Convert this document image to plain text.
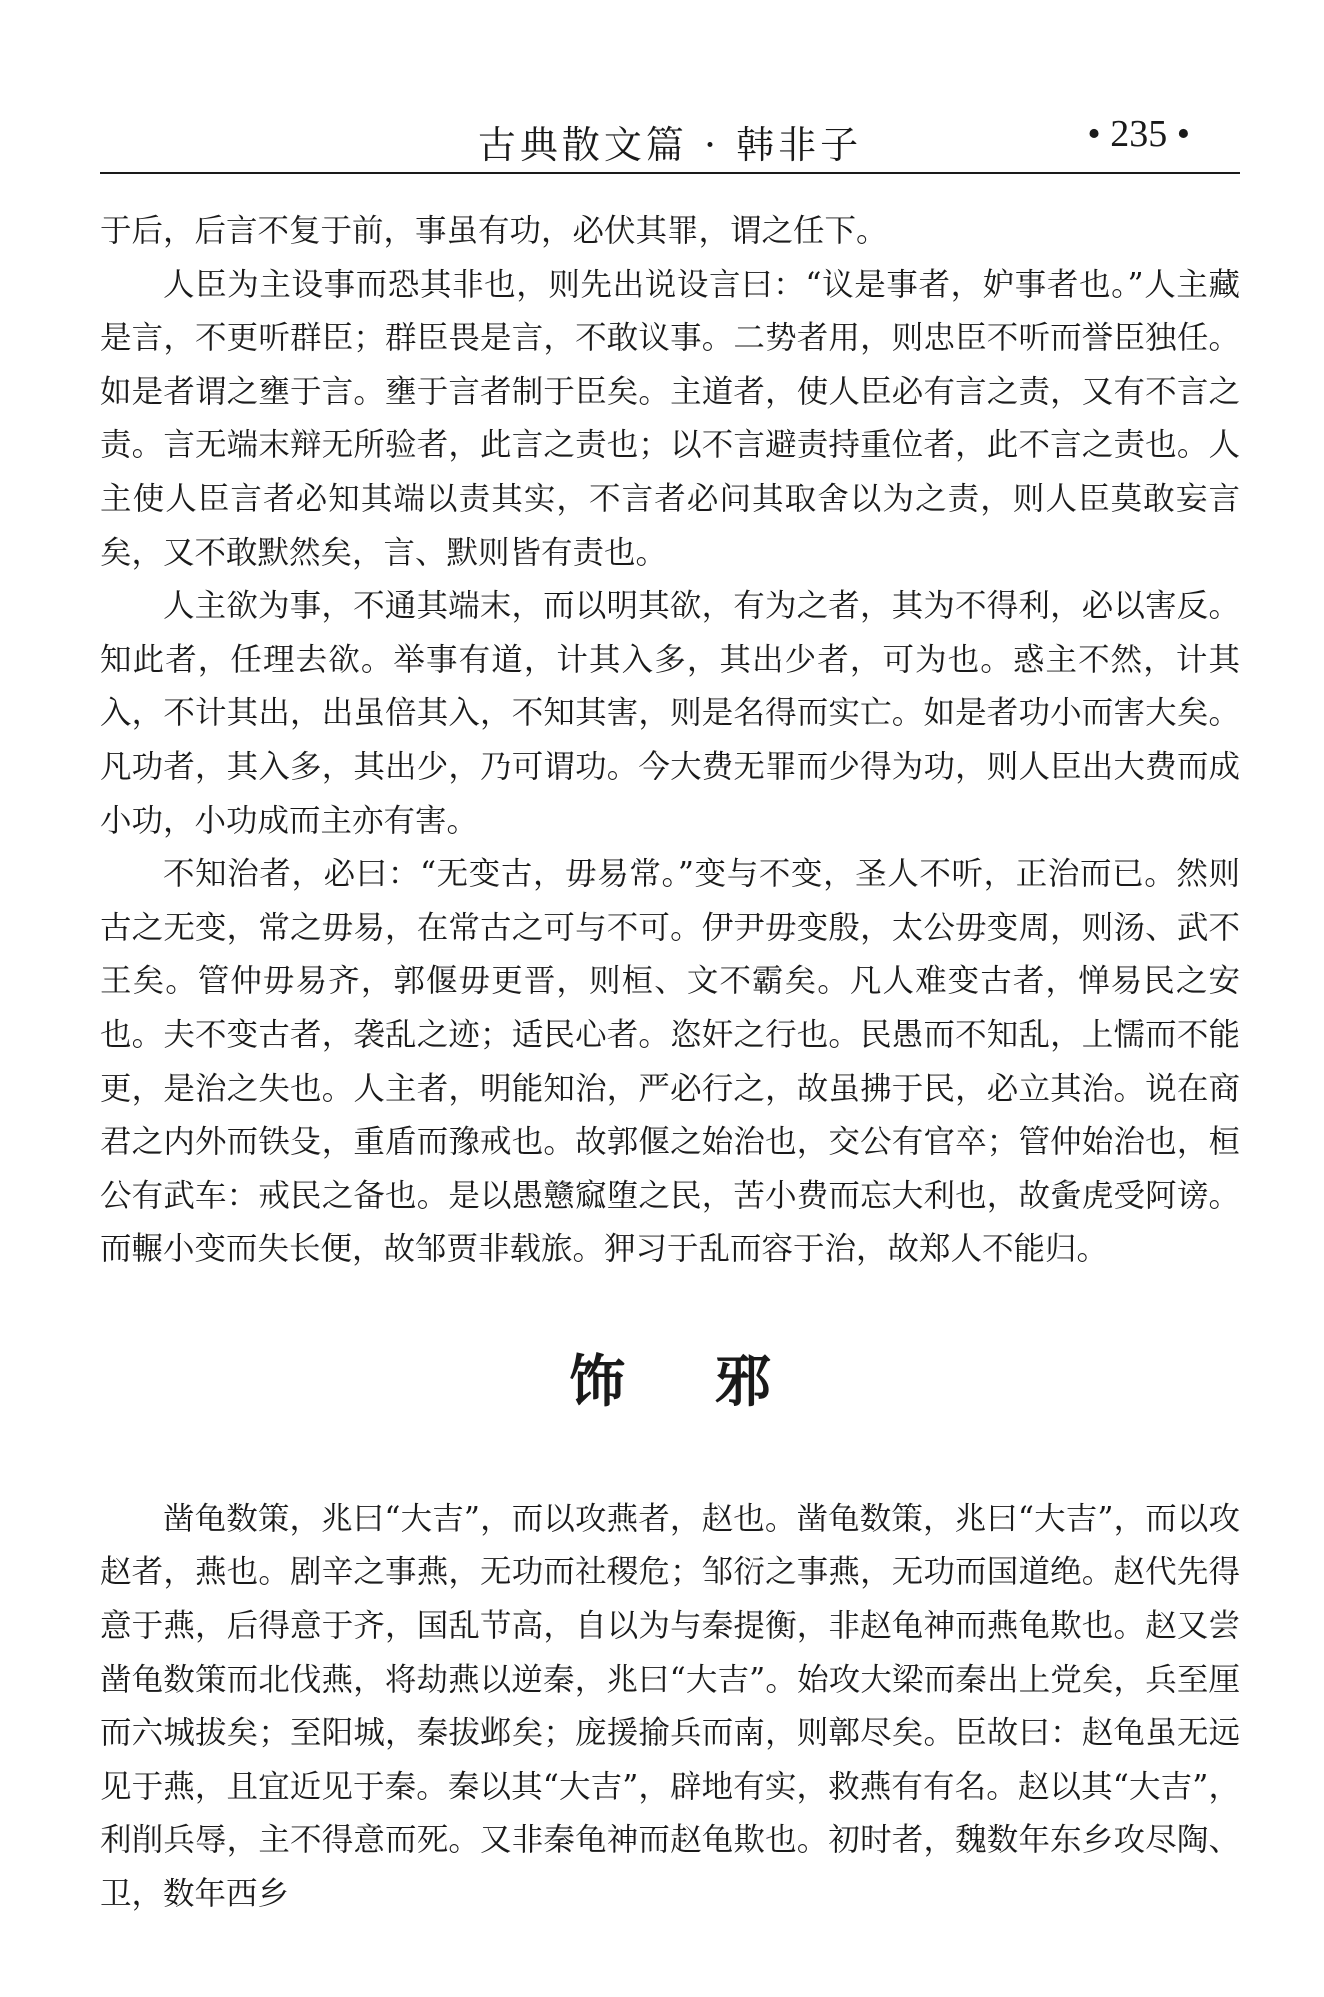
古典散文篇 · 韩非子	• 235 •

于后，后言不复于前，事虽有功，必伏其罪，谓之任下。

人臣为主设事而恐其非也，则先出说设言曰：“议是事者，妒事者也。”人主藏是言，不更听群臣；群臣畏是言，不敢议事。二势者用，则忠臣不听而誉臣独任。如是者谓之壅于言。壅于言者制于臣矣。主道者，使人臣必有言之责，又有不言之责。言无端末辩无所验者，此言之责也；以不言避责持重位者，此不言之责也。人主使人臣言者必知其端以责其实，不言者必问其取舍以为之责，则人臣莫敢妄言矣，又不敢默然矣，言、默则皆有责也。

人主欲为事，不通其端末，而以明其欲，有为之者，其为不得利，必以害反。知此者，任理去欲。举事有道，计其入多，其出少者，可为也。惑主不然，计其入，不计其出，出虽倍其入，不知其害，则是名得而实亡。如是者功小而害大矣。凡功者，其入多，其出少，乃可谓功。今大费无罪而少得为功，则人臣出大费而成小功，小功成而主亦有害。

不知治者，必曰：“无变古，毋易常。”变与不变，圣人不听，正治而已。然则古之无变，常之毋易，在常古之可与不可。伊尹毋变殷，太公毋变周，则汤、武不王矣。管仲毋易齐，郭偃毋更晋，则桓、文不霸矣。凡人难变古者，惮易民之安也。夫不变古者，袭乱之迹；适民心者。恣奸之行也。民愚而不知乱，上懦而不能更，是治之失也。人主者，明能知治，严必行之，故虽拂于民，必立其治。说在商君之内外而铁殳，重盾而豫戒也。故郭偃之始治也，交公有官卒；管仲始治也，桓公有武车：戒民之备也。是以愚戆窳堕之民，苦小费而忘大利也，故夤虎受阿谤。而輾小变而失长便，故邹贾非载旅。狎习于乱而容于治，故郑人不能归。

饰邪

凿龟数策，兆曰“大吉”，而以攻燕者，赵也。凿龟数策，兆曰“大吉”，而以攻赵者，燕也。剧辛之事燕，无功而社稷危；邹衍之事燕，无功而国道绝。赵代先得意于燕，后得意于齐，国乱节高，自以为与秦提衡，非赵龟神而燕龟欺也。赵又尝凿龟数策而北伐燕，将劫燕以逆秦，兆曰“大吉”。始攻大梁而秦出上党矣，兵至厘而六城拔矣；至阳城，秦拔邺矣；庞援揄兵而南，则鄣尽矣。臣故曰：赵龟虽无远见于燕，且宜近见于秦。秦以其“大吉”，辟地有实，救燕有有名。赵以其“大吉”，利削兵辱，主不得意而死。又非秦龟神而赵龟欺也。初时者，魏数年东乡攻尽陶、卫，数年西乡
